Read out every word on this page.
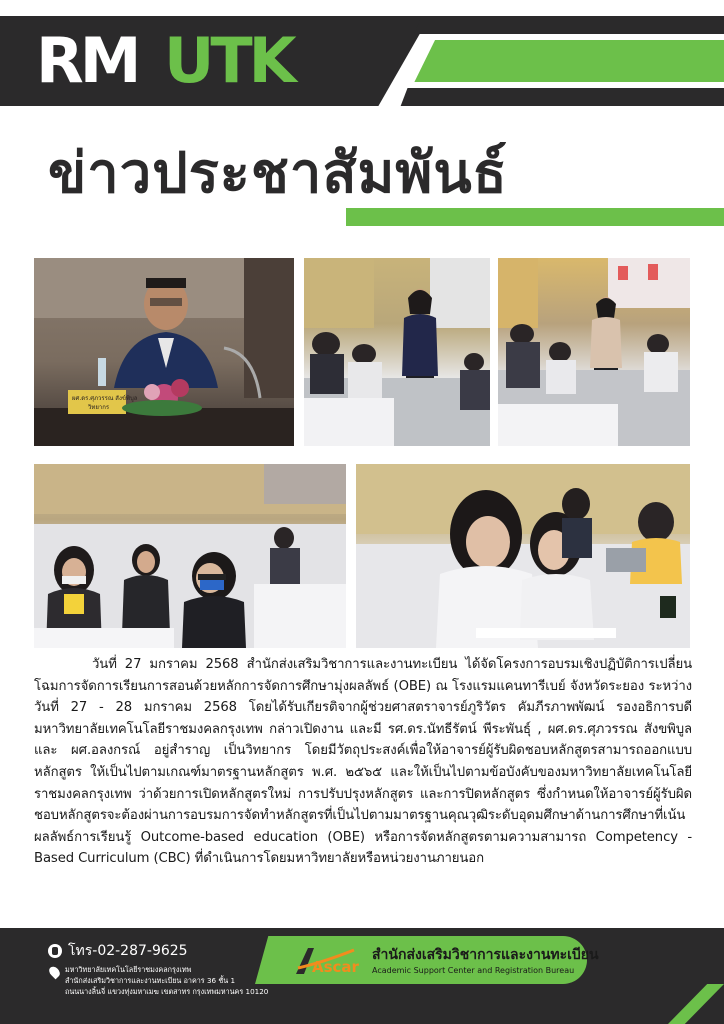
RM UTK
ข่าวประชาสัมพันธ์
ผศ.ดร.ศุภวรรณ สังข์พิบูล
วิทยากร
วันที่ 27 มกราคม 2568 สำนักส่งเสริมวิชาการและงานทะเบียน ได้จัดโครงการอบรมเชิงปฏิบัติการเปลี่ยนโฉมการจัดการเรียนการสอนด้วยหลักการจัดการศึกษามุ่งผลลัพธ์ (OBE) ณ โรงแรมแคนทารีเบย์ จังหวัดระยอง ระหว่างวันที่ 27 - 28 มกราคม 2568 โดยได้รับเกียรติจากผู้ช่วยศาสตราจารย์ภูริวัตร คัมภีรภาพพัฒน์ รองอธิการบดี มหาวิทยาลัยเทคโนโลยีราชมงคลกรุงเทพ กล่าวเปิดงาน และมี รศ.ดร.นัทธีรัตน์ พีระพันธุ์ , ผศ.ดร.ศุภวรรณ สังขพิบูล และ ผศ.อลงกรณ์ อยู่สำราญ เป็นวิทยากร โดยมีวัตถุประสงค์เพื่อให้อาจารย์ผู้รับผิดชอบหลักสูตรสามารถออกแบบหลักสูตร ให้เป็นไปตามเกณฑ์มาตรฐานหลักสูตร พ.ศ. ๒๕๖๕ และให้เป็นไปตามข้อบังคับของมหาวิทยาลัยเทคโนโลยีราชมงคลกรุงเทพ ว่าด้วยการเปิดหลักสูตรใหม่ การปรับปรุงหลักสูตร และการปิดหลักสูตร ซึ่งกำหนดให้อาจารย์ผู้รับผิดชอบหลักสูตรจะต้องผ่านการอบรมการจัดทำหลักสูตรที่เป็นไปตามมาตรฐานคุณวุฒิระดับอุดมศึกษาด้านการศึกษาที่เน้นผลลัพธ์การเรียนรู้ Outcome-based education (OBE) หรือการจัดหลักสูตรตามความสามารถ Competency - Based Curriculum (CBC) ที่ดำเนินการโดยมหาวิทยาลัยหรือหน่วยงานภายนอก
โทร-02-287-9625
มหาวิทยาลัยเทคโนโลยีราชมงคลกรุงเทพ
สำนักส่งเสริมวิชาการและงานทะเบียน อาคาร 36 ชั้น 1
ถนนนางลิ้นจี่ แขวงทุ่งมหาเมฆ เขตสาทร กรุงเทพมหานคร 10120
Ascar
สำนักส่งเสริมวิชาการและงานทะเบียน
Academic Support Center and Registration Bureau
